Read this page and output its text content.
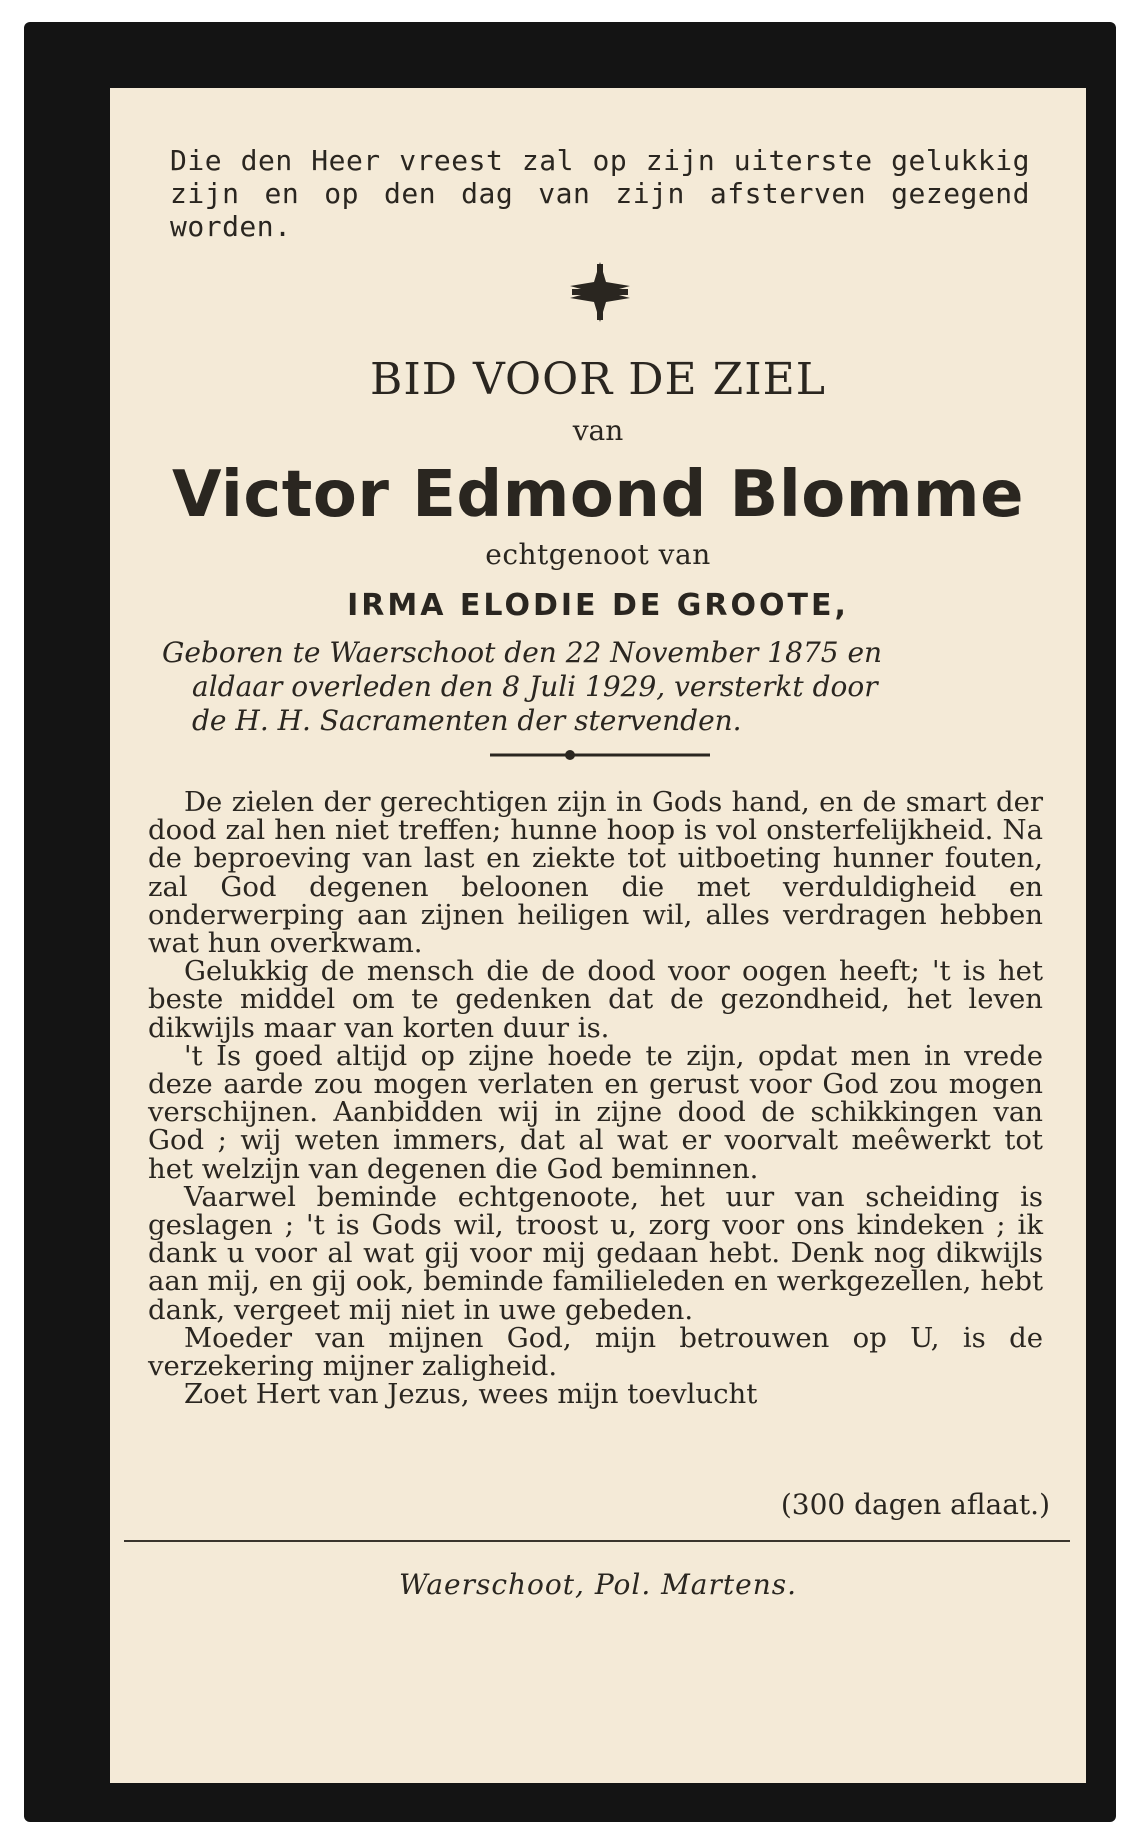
Die den Heer vreest zal op zijn uiterste gelukkig zijn en op den dag van zijn afsterven gezegend worden.
BID VOOR DE ZIEL
van
Victor Edmond Blomme
echtgenoot van
IRMA ELODIE DE GROOTE,
Geboren te Waerschoot den 22 November 1875 en
aldaar overleden den 8 Juli 1929, versterkt door
de H. H. Sacramenten der stervenden.

De zielen der gerechtigen zijn in Gods hand, en de smart der dood zal hen niet treffen; hunne hoop is vol onsterfelijkheid. Na de beproeving van last en ziekte tot uitboeting hunner fouten, zal God degenen beloonen die met verduldigheid en onderwerping aan zijnen heiligen wil, alles verdragen hebben wat hun overkwam.

Gelukkig de mensch die de dood voor oogen heeft; 't is het beste middel om te gedenken dat de gezondheid, het leven dikwijls maar van korten duur is.

't Is goed altijd op zijne hoede te zijn, opdat men in vrede deze aarde zou mogen verlaten en gerust voor God zou mogen verschijnen. Aanbidden wij in zijne dood de schikkingen van God ; wij weten immers, dat al wat er voorvalt meêwerkt tot het welzijn van degenen die God beminnen.

Vaarwel beminde echtgenoote, het uur van scheiding is geslagen ; 't is Gods wil, troost u, zorg voor ons kindeken ; ik dank u voor al wat gij voor mij gedaan hebt. Denk nog dikwijls aan mij, en gij ook, beminde familieleden en werkgezellen, hebt dank, vergeet mij niet in uwe gebeden.

Moeder van mijnen God, mijn betrouwen op U, is de verzekering mijner zaligheid.

Zoet Hert van Jezus, wees mijn toevlucht

(300 dagen aflaat.)
Waerschoot, Pol. Martens.
